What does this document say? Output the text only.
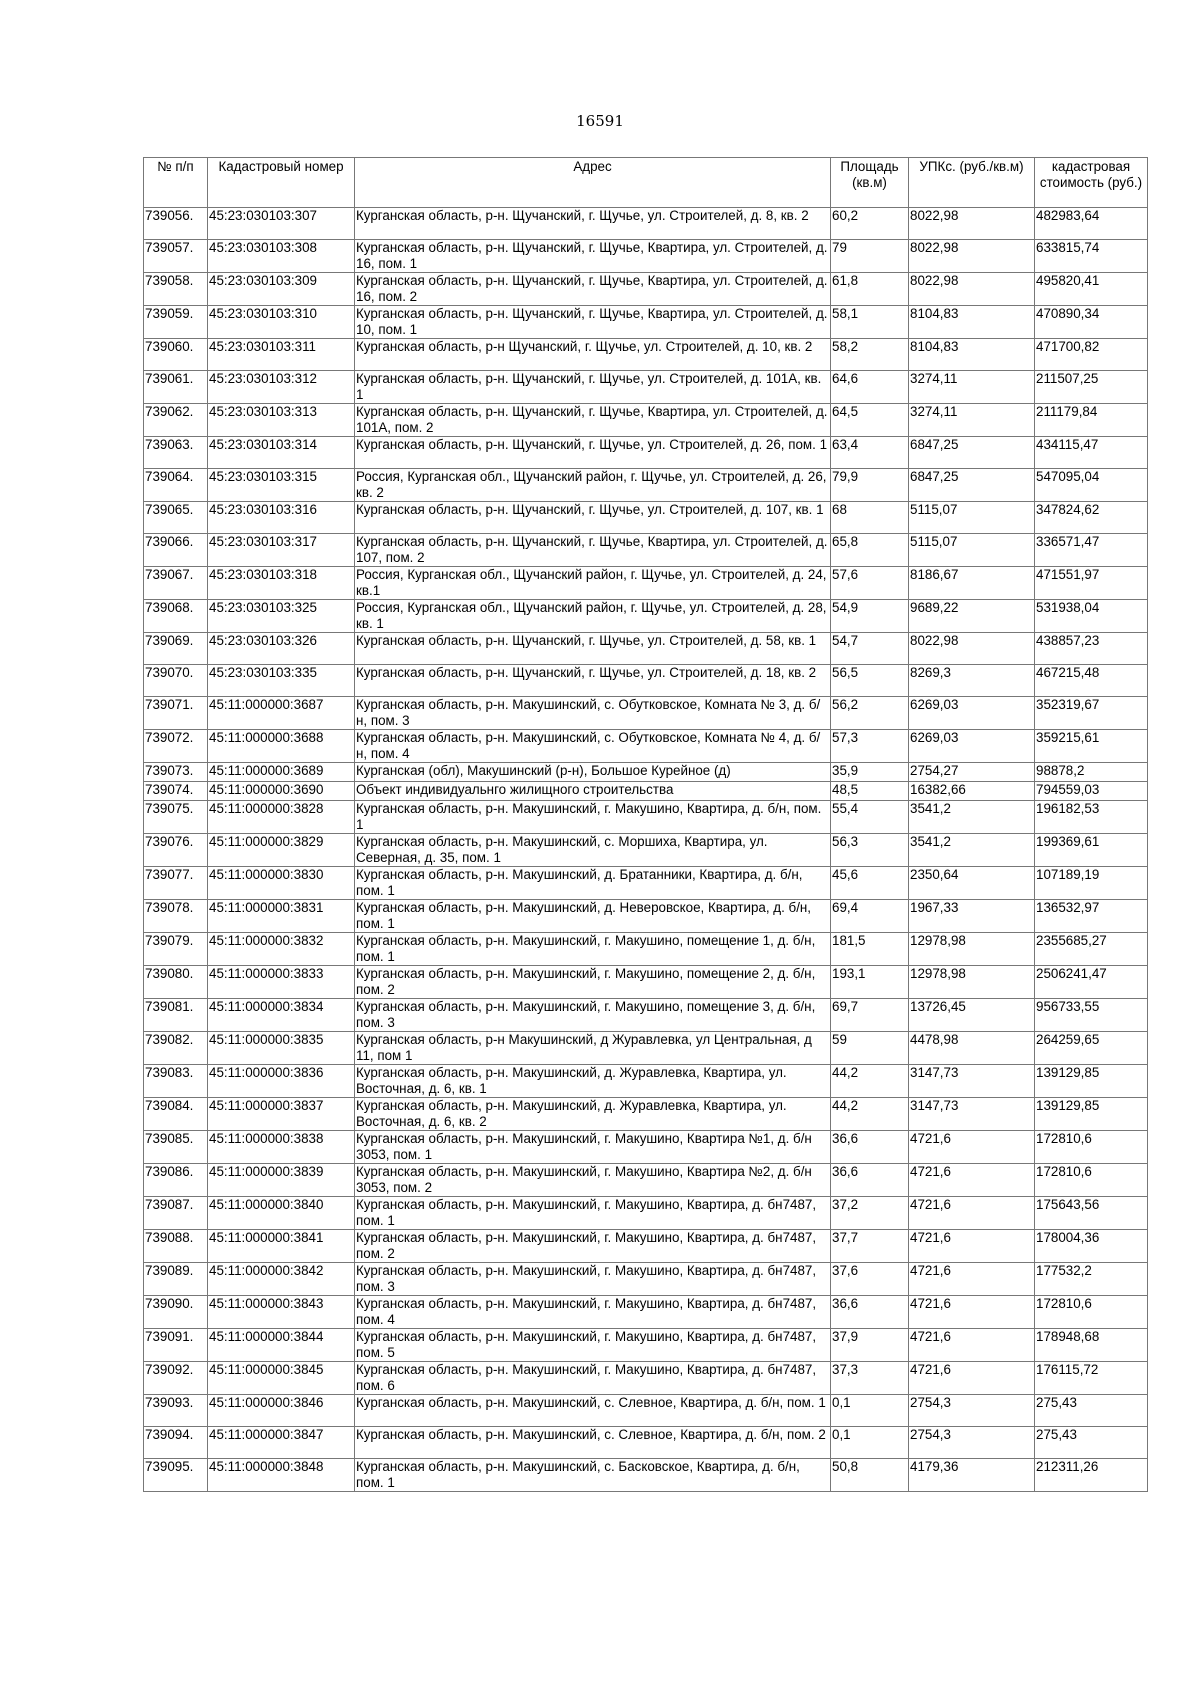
16591
№ п/п	Кадастровый номер	Адрес	Площадь (кв.м)	УПКс. (руб./кв.м)	кадастровая стоимость (руб.)
739056.	45:23:030103:307	Курганская область, р-н. Щучанский, г. Щучье, ул. Строителей, д. 8, кв. 2	60,2	8022,98	482983,64
739057.	45:23:030103:308	Курганская область, р-н. Щучанский, г. Щучье, Квартира, ул. Строителей, д. 16, пом. 1	79	8022,98	633815,74
739058.	45:23:030103:309	Курганская область, р-н. Щучанский, г. Щучье, Квартира, ул. Строителей, д. 16, пом. 2	61,8	8022,98	495820,41
739059.	45:23:030103:310	Курганская область, р-н. Щучанский, г. Щучье, Квартира, ул. Строителей, д. 10, пом. 1	58,1	8104,83	470890,34
739060.	45:23:030103:311	Курганская область, р-н Щучанский, г. Щучье, ул. Строителей, д. 10, кв. 2	58,2	8104,83	471700,82
739061.	45:23:030103:312	Курганская область, р-н. Щучанский, г. Щучье, ул. Строителей, д. 101А, кв. 1	64,6	3274,11	211507,25
739062.	45:23:030103:313	Курганская область, р-н. Щучанский, г. Щучье, Квартира, ул. Строителей, д. 101А, пом. 2	64,5	3274,11	211179,84
739063.	45:23:030103:314	Курганская область, р-н. Щучанский, г. Щучье, ул. Строителей, д. 26, пом. 1	63,4	6847,25	434115,47
739064.	45:23:030103:315	Россия, Курганская обл., Щучанский район, г. Щучье, ул. Строителей, д. 26, кв. 2	79,9	6847,25	547095,04
739065.	45:23:030103:316	Курганская область, р-н. Щучанский, г. Щучье, ул. Строителей, д. 107, кв. 1	68	5115,07	347824,62
739066.	45:23:030103:317	Курганская область, р-н. Щучанский, г. Щучье, Квартира, ул. Строителей, д. 107, пом. 2	65,8	5115,07	336571,47
739067.	45:23:030103:318	Россия, Курганская обл., Щучанский район, г. Щучье, ул. Строителей, д. 24, кв.1	57,6	8186,67	471551,97
739068.	45:23:030103:325	Россия, Курганская обл., Щучанский район, г. Щучье, ул. Строителей, д. 28, кв. 1	54,9	9689,22	531938,04
739069.	45:23:030103:326	Курганская область, р-н. Щучанский, г. Щучье, ул. Строителей, д. 58, кв. 1	54,7	8022,98	438857,23
739070.	45:23:030103:335	Курганская область, р-н. Щучанский, г. Щучье, ул. Строителей, д. 18, кв. 2	56,5	8269,3	467215,48
739071.	45:11:000000:3687	Курганская область, р-н. Макушинский, с. Обутковское, Комната № 3, д. б/н, пом. 3	56,2	6269,03	352319,67
739072.	45:11:000000:3688	Курганская область, р-н. Макушинский, с. Обутковское, Комната № 4, д. б/н, пом. 4	57,3	6269,03	359215,61
739073.	45:11:000000:3689	Курганская (обл), Макушинский (р-н), Большое Курейное (д)	35,9	2754,27	98878,2
739074.	45:11:000000:3690	Объект индивидуальнго жилищного строительства	48,5	16382,66	794559,03
739075.	45:11:000000:3828	Курганская область, р-н. Макушинский, г. Макушино, Квартира, д. б/н, пом. 1	55,4	3541,2	196182,53
739076.	45:11:000000:3829	Курганская область, р-н. Макушинский, с. Моршиха, Квартира, ул. Северная, д. 35, пом. 1	56,3	3541,2	199369,61
739077.	45:11:000000:3830	Курганская область, р-н. Макушинский, д. Братанники, Квартира, д. б/н, пом. 1	45,6	2350,64	107189,19
739078.	45:11:000000:3831	Курганская область, р-н. Макушинский, д. Неверовское, Квартира, д. б/н, пом. 1	69,4	1967,33	136532,97
739079.	45:11:000000:3832	Курганская область, р-н. Макушинский, г. Макушино, помещение 1, д. б/н, пом. 1	181,5	12978,98	2355685,27
739080.	45:11:000000:3833	Курганская область, р-н. Макушинский, г. Макушино, помещение 2, д. б/н, пом. 2	193,1	12978,98	2506241,47
739081.	45:11:000000:3834	Курганская область, р-н. Макушинский, г. Макушино, помещение 3, д. б/н, пом. 3	69,7	13726,45	956733,55
739082.	45:11:000000:3835	Курганская область, р-н Макушинский, д Журавлевка, ул Центральная, д 11, пом 1	59	4478,98	264259,65
739083.	45:11:000000:3836	Курганская область, р-н. Макушинский, д. Журавлевка, Квартира, ул. Восточная, д. 6, кв. 1	44,2	3147,73	139129,85
739084.	45:11:000000:3837	Курганская область, р-н. Макушинский, д. Журавлевка, Квартира, ул. Восточная, д. 6, кв. 2	44,2	3147,73	139129,85
739085.	45:11:000000:3838	Курганская область, р-н. Макушинский, г. Макушино, Квартира №1, д. б/н 3053, пом. 1	36,6	4721,6	172810,6
739086.	45:11:000000:3839	Курганская область, р-н. Макушинский, г. Макушино, Квартира №2, д. б/н 3053, пом. 2	36,6	4721,6	172810,6
739087.	45:11:000000:3840	Курганская область, р-н. Макушинский, г. Макушино, Квартира, д. бн7487, пом. 1	37,2	4721,6	175643,56
739088.	45:11:000000:3841	Курганская область, р-н. Макушинский, г. Макушино, Квартира, д. бн7487, пом. 2	37,7	4721,6	178004,36
739089.	45:11:000000:3842	Курганская область, р-н. Макушинский, г. Макушино, Квартира, д. бн7487, пом. 3	37,6	4721,6	177532,2
739090.	45:11:000000:3843	Курганская область, р-н. Макушинский, г. Макушино, Квартира, д. бн7487, пом. 4	36,6	4721,6	172810,6
739091.	45:11:000000:3844	Курганская область, р-н. Макушинский, г. Макушино, Квартира, д. бн7487, пом. 5	37,9	4721,6	178948,68
739092.	45:11:000000:3845	Курганская область, р-н. Макушинский, г. Макушино, Квартира, д. бн7487, пом. 6	37,3	4721,6	176115,72
739093.	45:11:000000:3846	Курганская область, р-н. Макушинский, с. Слевное, Квартира, д. б/н, пом. 1	0,1	2754,3	275,43
739094.	45:11:000000:3847	Курганская область, р-н. Макушинский, с. Слевное, Квартира, д. б/н, пом. 2	0,1	2754,3	275,43
739095.	45:11:000000:3848	Курганская область, р-н. Макушинский, с. Басковское, Квартира, д. б/н, пом. 1	50,8	4179,36	212311,26
